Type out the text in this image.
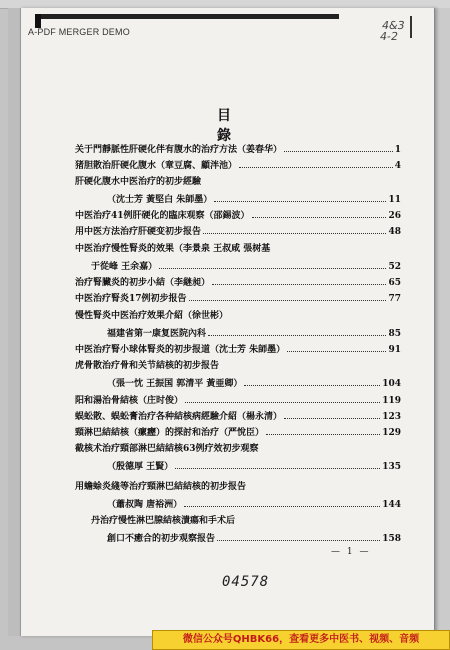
4&3
4-2
目 錄
关于門靜脈性肝硬化伴有腹水的治疗方法（姜春华）	1
猪胆散治肝硬化腹水（章豆腐、顧泮池）	4
肝硬化腹水中医治疗的初步經驗
（沈士芳 黃堅白 朱師墨）	11
中医治疗41例肝硬化的臨床观察（邵錫波）	26
用中医方法治疗肝硬变初步报告	48
中医治疗慢性腎炎的效果（李景泉 王叔咸 張树基
于從峰 王余嘉）	52
治疗腎臟炎的初步小結（李継昶）	65
中医治疗腎炎17例初步报告	77
慢性腎炎中医治疗效果介紹（徐世彬）
福建省第一康复医院內科	85
中医治疗腎小球体腎炎的初步报道（沈士芳 朱師墨）	91
虎骨散治疗骨和关节結核的初步报告
（張一忱 王振国 郭清平 黃亜卿）	104
阳和湯治骨結核（庄时俊）	119
蜈蚣散、蜈蚣膏治疗各种結核病經驗介紹（楊永清）	123
頸淋巴結結核（瘰癧）的探討和治疗（严悅臣）	129
截核术治疗頸部淋巴結結核63例疗效初步观察
（殷德厚 王賢）	135
用蟾蜍炎綫等治疗頸淋巴結結核的初步报告
（蕭叔陶 唐裕洲）	144
丹治疗慢性淋巴腺結核潰瘍和手术后
創口不癒合的初步观察报告	158
— 1 —
04578
A-PDF MERGER DEMO
微信公众号QHBK66，查看更多中医书、视频、音频
